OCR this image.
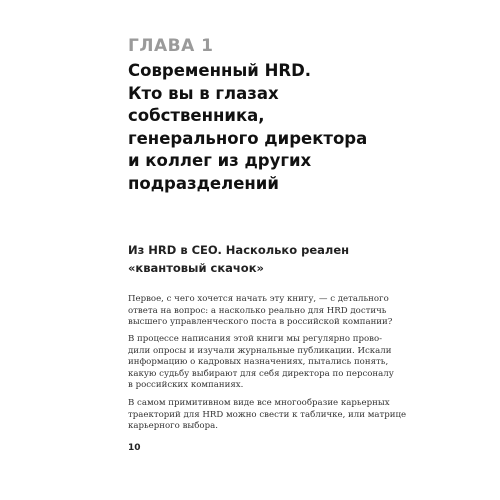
ГЛАВА 1
Современный HRD.
Кто вы в глазах
собственника,
генерального директора
и коллег из других
подразделений
Из HRD в CEO. Насколько реален
«квантовый скачок»

Первое, с чего хочется начать эту книгу, — с детального
ответа на вопрос: а насколько реально для HRD достичь
высшего управленческого поста в российской компании?

В процессе написания этой книги мы регулярно прово-
дили опросы и изучали журнальные публикации. Искали
информацию о кадровых назначениях, пытались понять,
какую судьбу выбирают для себя директора по персоналу
в российских компаниях.

В самом примитивном виде все многообразие карьерных
траекторий для HRD можно свести к табличке, или матрице
карьерного выбора.

10
